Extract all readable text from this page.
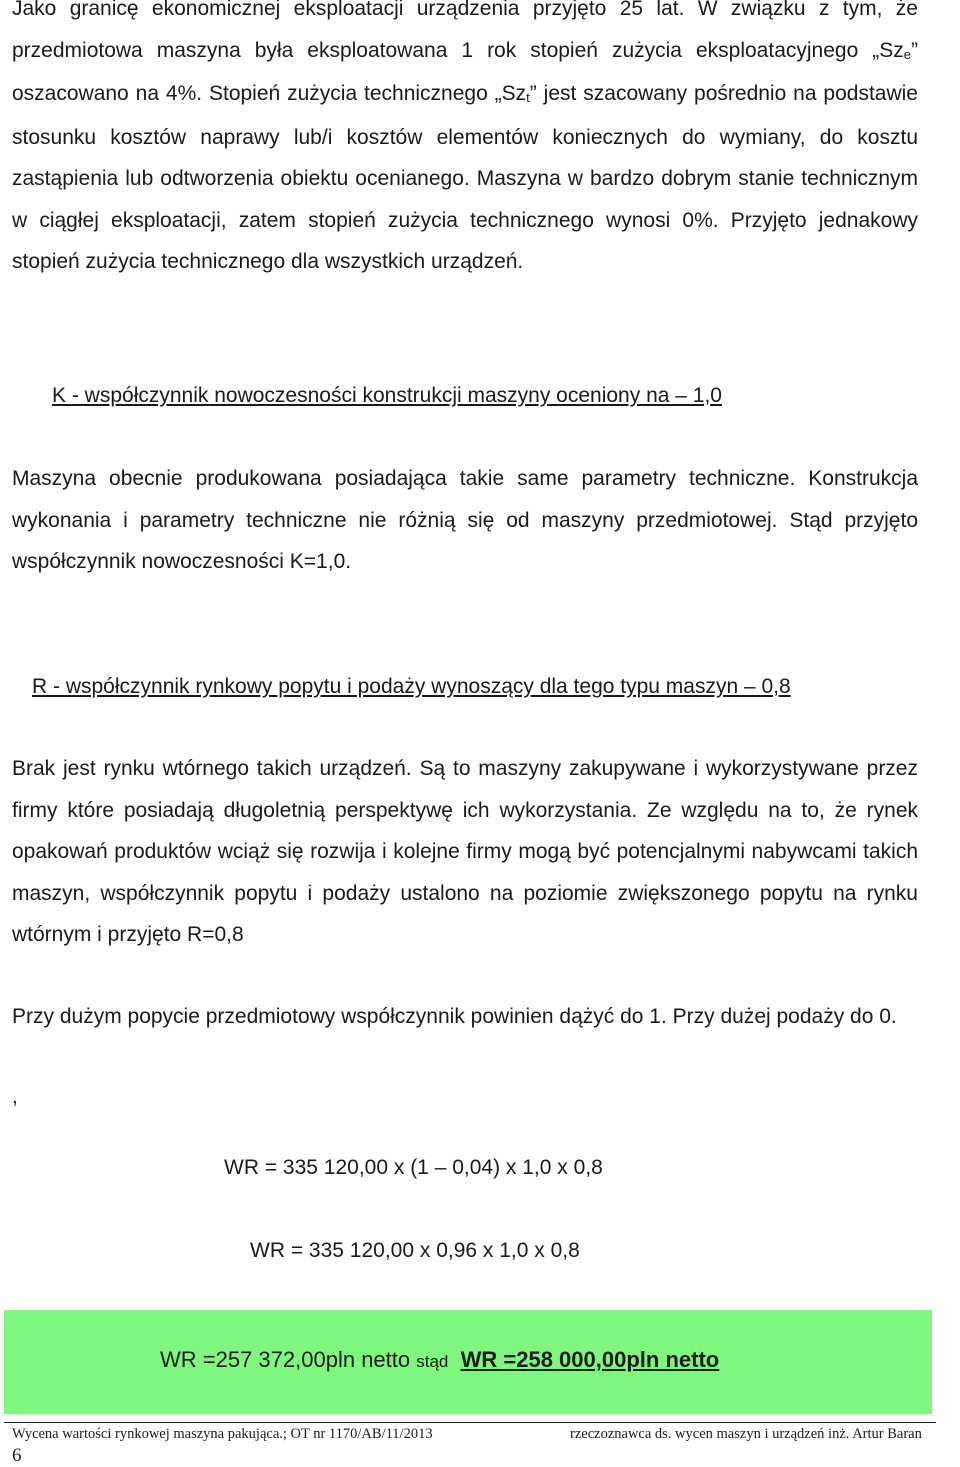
Jako granicę ekonomicznej eksploatacji urządzenia przyjęto 25 lat. W związku z tym, że przedmiotowa maszyna była eksploatowana 1 rok stopień zużycia eksploatacyjnego $„Sz_e$” oszacowano na 4%. Stopień zużycia technicznego $„Sz_t$” jest szacowany pośrednio na podstawie stosunku kosztów naprawy lub/i kosztów elementów koniecznych do wymiany, do kosztu zastąpienia lub odtworzenia obiektu ocenianego. Maszyna w bardzo dobrym stanie technicznym w ciągłej eksploatacji, zatem stopień zużycia technicznego wynosi 0%. Przyjęto jednakowy stopień zużycia technicznego dla wszystkich urządzeń.

K - współczynnik nowoczesności konstrukcji maszyny oceniony na – 1,0

Maszyna obecnie produkowana posiadająca takie same parametry techniczne. Konstrukcja wykonania i parametry techniczne nie różnią się od maszyny przedmiotowej. Stąd przyjęto współczynnik nowoczesności K=1,0.

R - współczynnik rynkowy popytu i podaży wynoszący dla tego typu maszyn – 0,8

Brak jest rynku wtórnego takich urządzeń. Są to maszyny zakupywane i wykorzystywane przez firmy które posiadają długoletnią perspektywę ich wykorzystania. Ze względu na to, że rynek opakowań produktów wciąż się rozwija i kolejne firmy mogą być potencjalnymi nabywcami takich maszyn, współczynnik popytu i podaży ustalono na poziomie zwiększonego popytu na rynku wtórnym i przyjęto R=0,8

Przy dużym popycie przedmiotowy współczynnik powinien dążyć do 1. Przy dużej podaży do 0.

,

WR = 335 120,00 x (1 – 0,04) x 1,0 x 0,8

WR = 335 120,00 x 0,96 x 1,0 x 0,8

WR =257 372,00pln netto stąd WR =258 000,00pln netto
Wycena wartości rynkowej maszyna pakująca.; OT nr 1170/AB/11/2013	rzeczoznawca ds. wycen maszyn i urządzeń inż. Artur Baran
6
